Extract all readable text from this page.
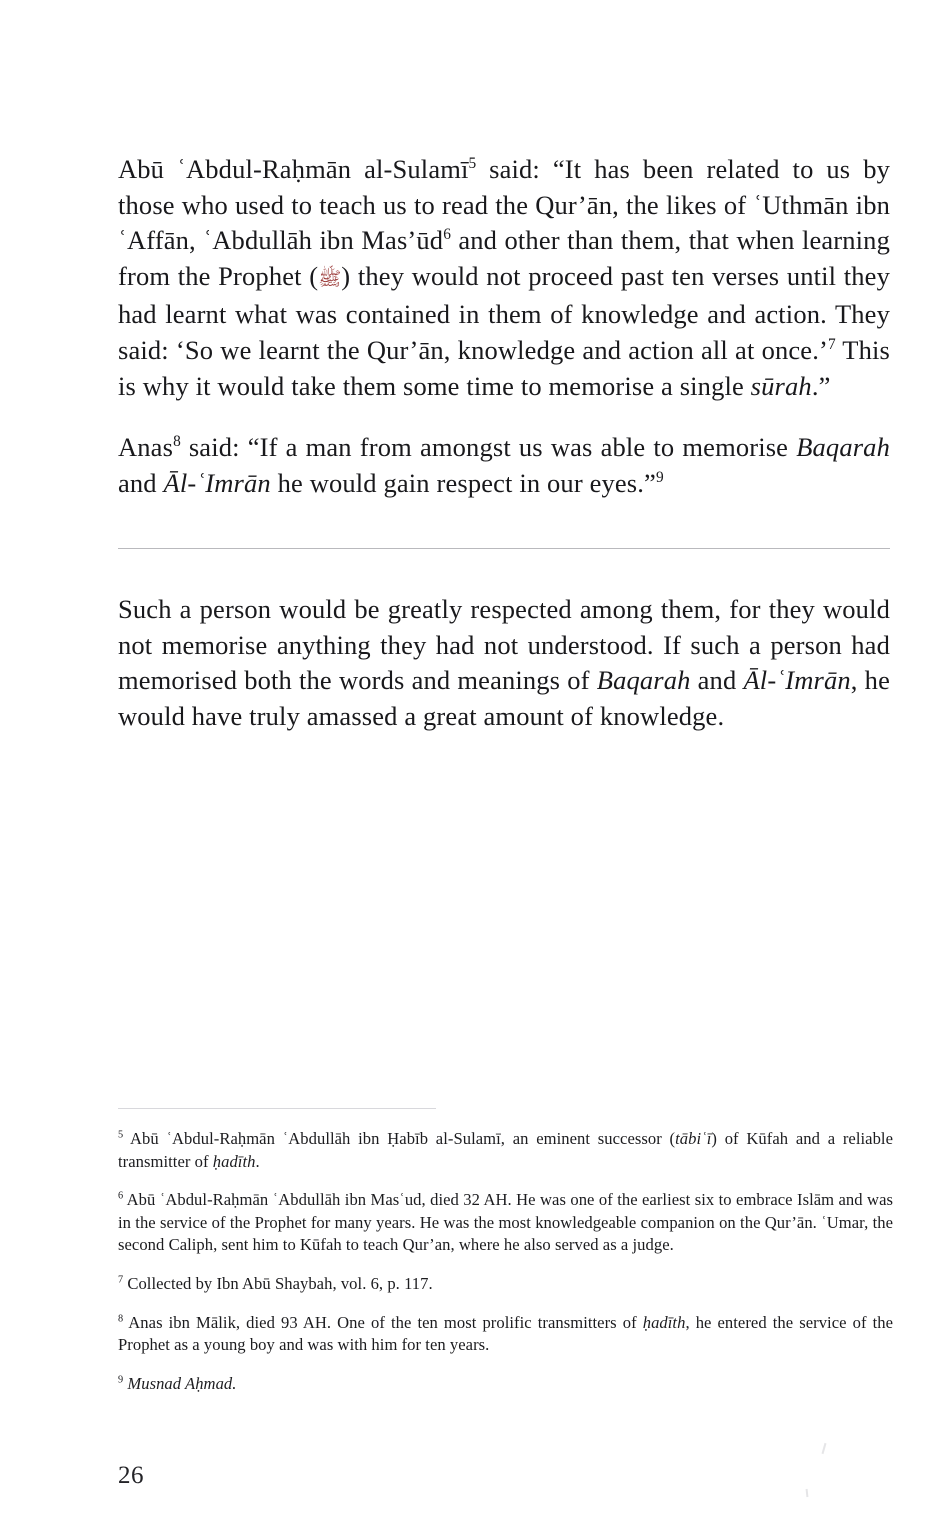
Abū ʿAbdul-Raḥmān al-Sulamī$^5$ said: “It has been related to us by those who used to teach us to read the Qur’ān, the likes of ʿUthmān ibn ʿAffān, ʿAbdullāh ibn Mas’ūd$^6$ and other than them, that when learning from the Prophet (ﷺ) they would not proceed past ten verses until they had learnt what was contained in them of knowledge and action. They said: ‘So we learnt the Qur’ān, knowledge and action all at once.’$^7$ This is why it would take them some time to memorise a single sūrah.”

Anas$^8$ said: “If a man from amongst us was able to memorise Baqarah and Āl-ʿImrān he would gain respect in our eyes.”$^9$

Such a person would be greatly respected among them, for they would not memorise anything they had not understood. If such a person had memorised both the words and meanings of Baqarah and Āl-ʿImrān, he would have truly amassed a great amount of knowledge.

$^5$ Abū ʿAbdul-Raḥmān ʿAbdullāh ibn Ḥabīb al-Sulamī, an eminent successor (tābiʿī) of Kūfah and a reliable transmitter of ḥadīth.

$^6$ Abū ʿAbdul-Raḥmān ʿAbdullāh ibn Masʿud, died 32 AH. He was one of the earliest six to embrace Islām and was in the service of the Prophet for many years. He was the most knowledgeable companion on the Qur’ān. ʿUmar, the second Caliph, sent him to Kūfah to teach Qur’an, where he also served as a judge.

$^7$ Collected by Ibn Abū Shaybah, vol. 6, p. 117.

$^8$ Anas ibn Mālik, died 93 AH. One of the ten most prolific transmitters of ḥadīth, he entered the service of the Prophet as a young boy and was with him for ten years.

$^9$ Musnad Aḥmad.

26
